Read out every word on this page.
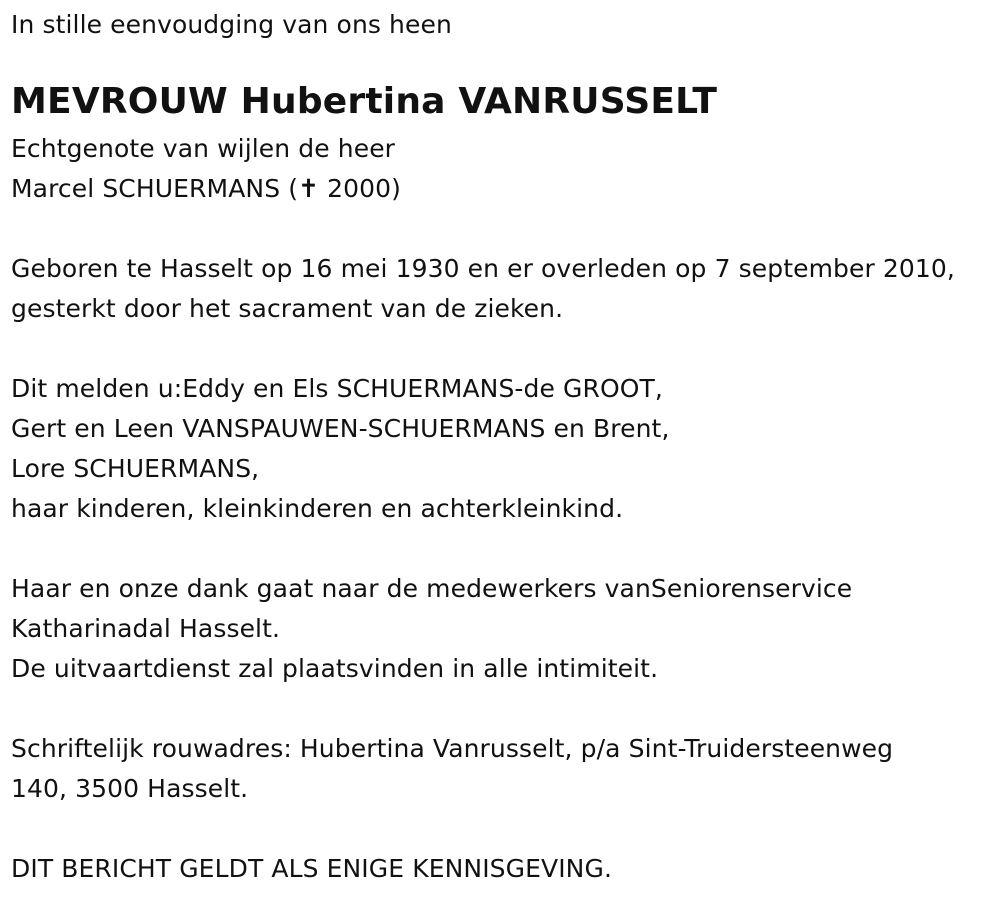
In stille eenvoudging van ons heen
MEVROUW Hubertina VANRUSSELT
Echtgenote van wijlen de heer
Marcel SCHUERMANS (✝ 2000)
Geboren te Hasselt op 16 mei 1930 en er overleden op 7 september 2010,
gesterkt door het sacrament van de zieken.
Dit melden u:Eddy en Els SCHUERMANS-de GROOT,
Gert en Leen VANSPAUWEN-SCHUERMANS en Brent,
Lore SCHUERMANS,
haar kinderen, kleinkinderen en achterkleinkind.
Haar en onze dank gaat naar de medewerkers vanSeniorenservice
Katharinadal Hasselt.
De uitvaartdienst zal plaatsvinden in alle intimiteit.
Schriftelijk rouwadres: Hubertina Vanrusselt, p/a Sint-Truidersteenweg
140, 3500 Hasselt.
DIT BERICHT GELDT ALS ENIGE KENNISGEVING.
